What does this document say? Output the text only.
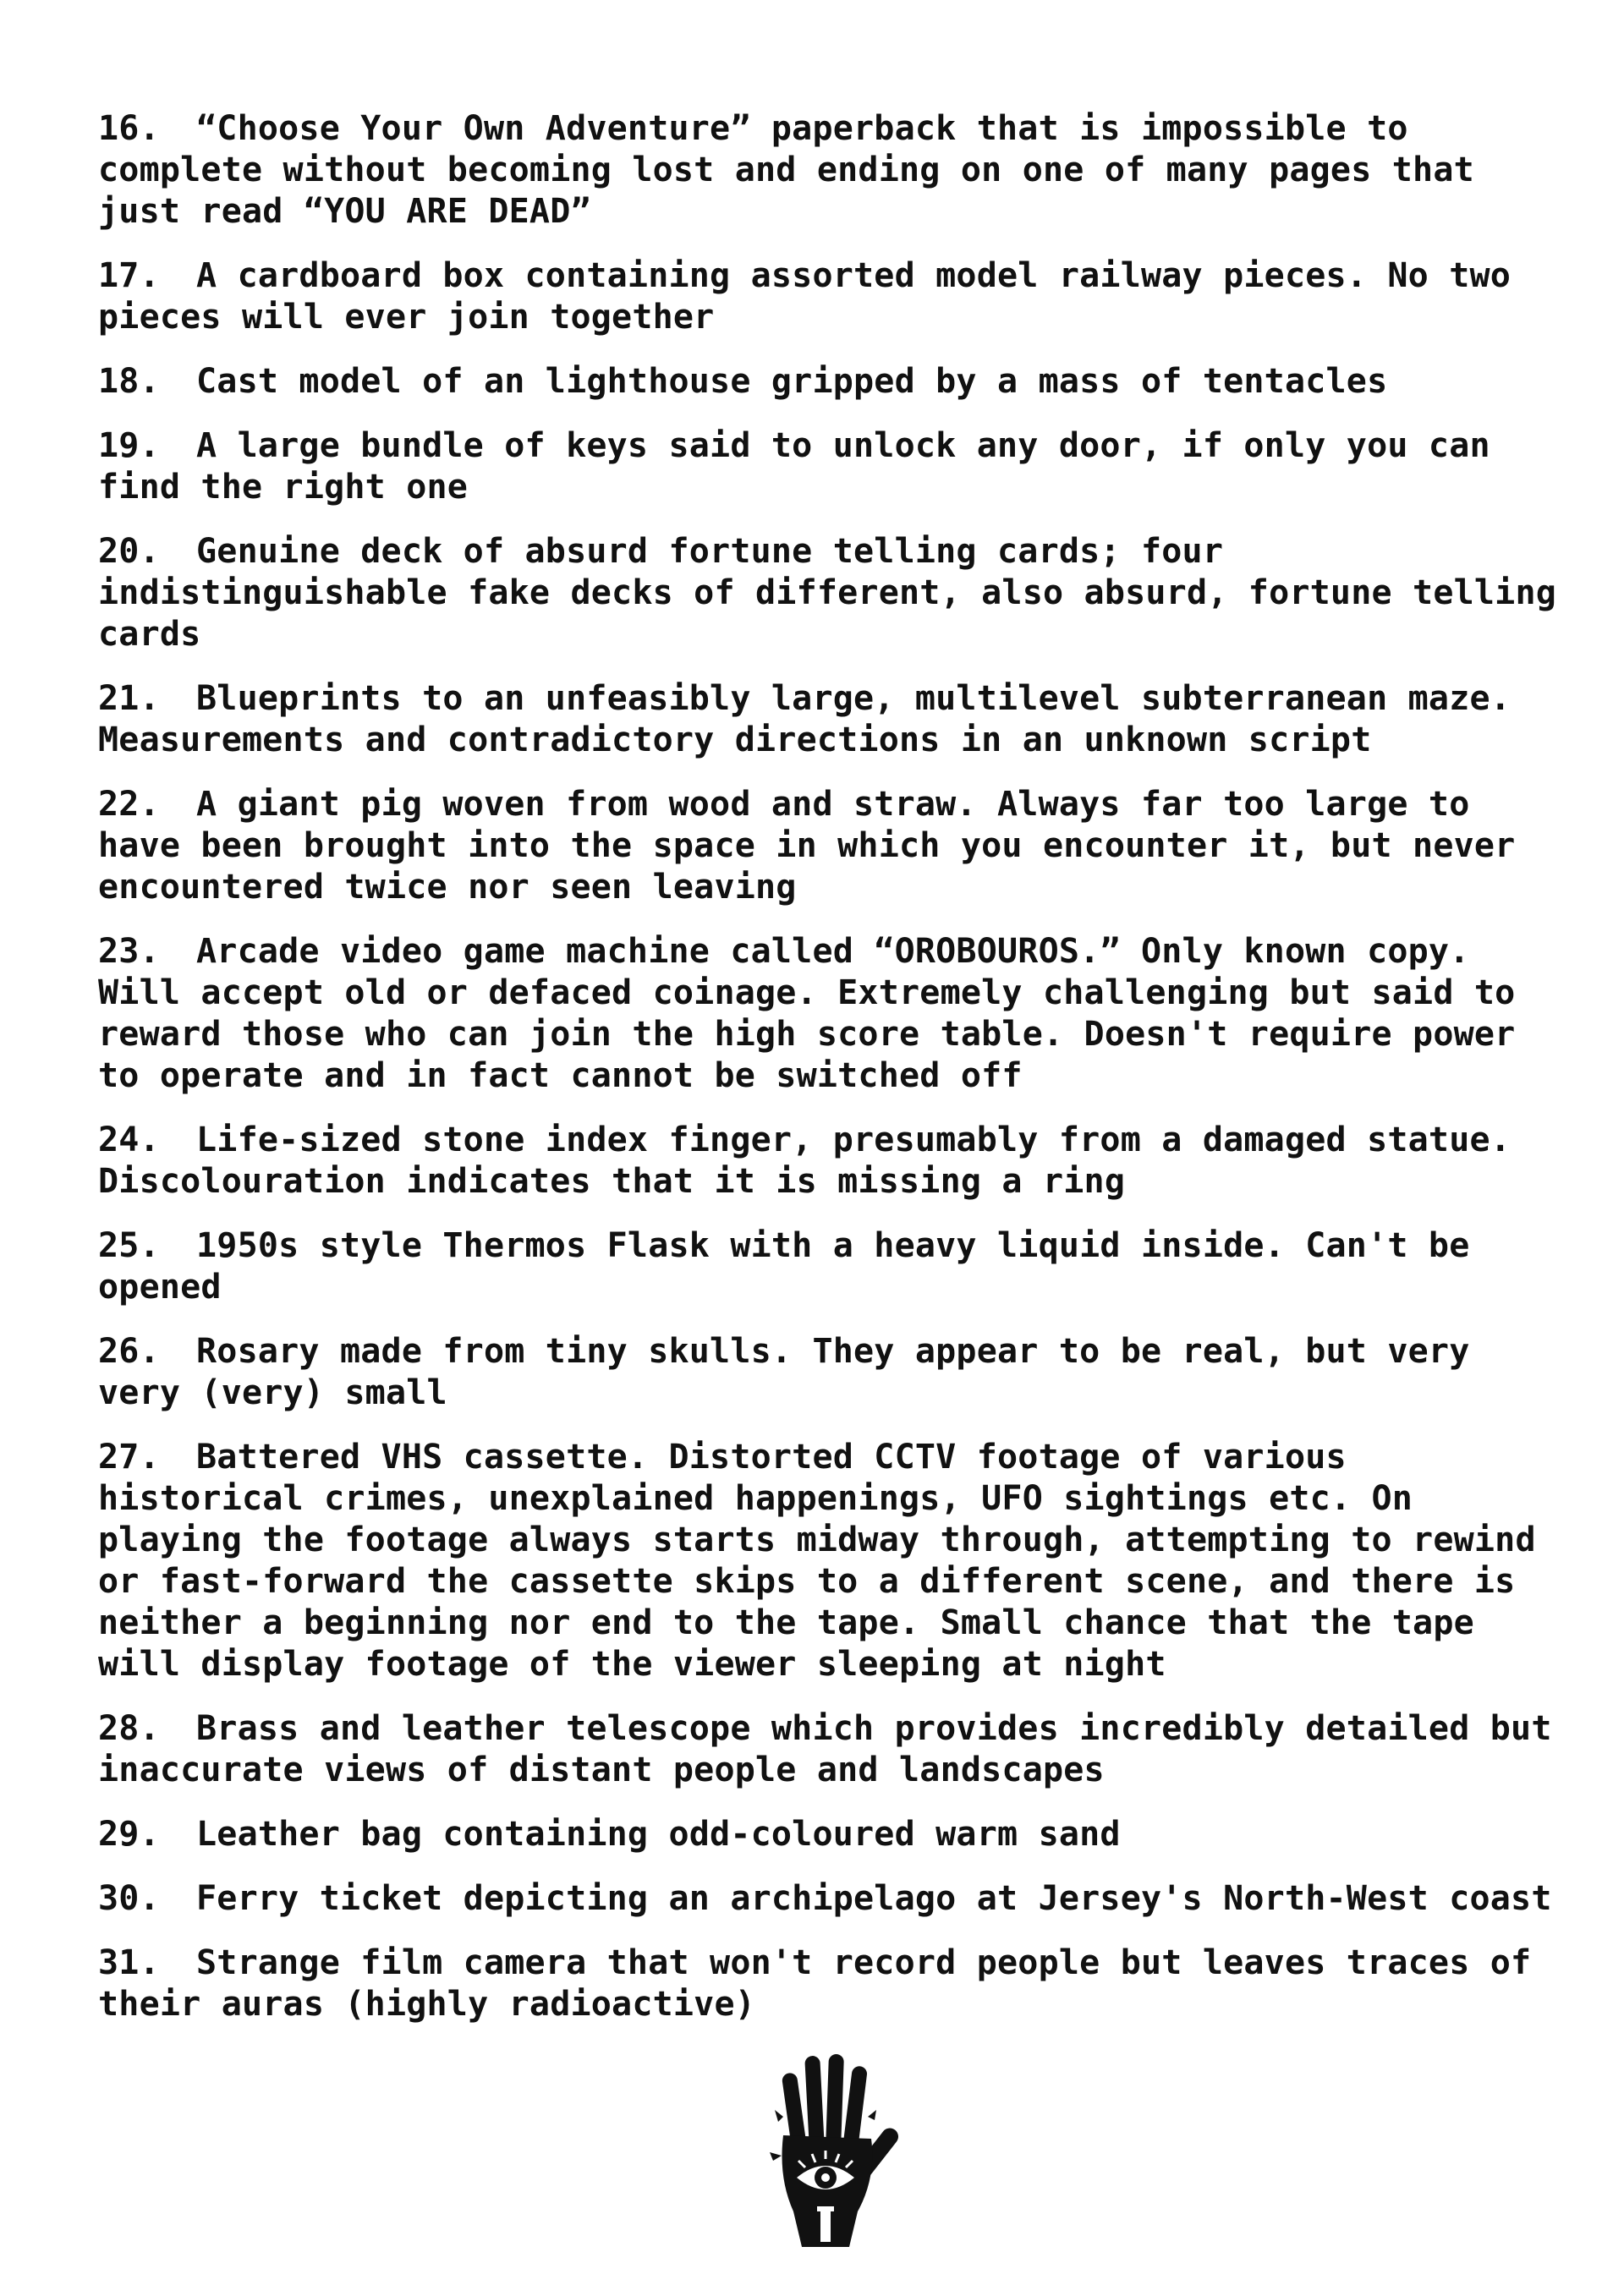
16. “Choose Your Own Adventure” paperback that is impossible to complete without becoming lost and ending on one of many pages that just read “YOU ARE DEAD”
17. A cardboard box containing assorted model railway pieces. No two pieces will ever join together
18. Cast model of an lighthouse gripped by a mass of tentacles
19. A large bundle of keys said to unlock any door, if only you can find the right one
20. Genuine deck of absurd fortune telling cards; four indistinguishable fake decks of different, also absurd, fortune telling cards
21. Blueprints to an unfeasibly large, multilevel subterranean maze. Measurements and contradictory directions in an unknown script
22. A giant pig woven from wood and straw. Always far too large to have been brought into the space in which you encounter it, but never encountered twice nor seen leaving
23. Arcade video game machine called “OROBOUROS.” Only known copy. Will accept old or defaced coinage. Extremely challenging but said to reward those who can join the high score table. Doesn't require power to operate and in fact cannot be switched off
24. Life-sized stone index finger, presumably from a damaged statue. Discolouration indicates that it is missing a ring
25. 1950s style Thermos Flask with a heavy liquid inside. Can't be opened
26. Rosary made from tiny skulls. They appear to be real, but very very (very) small
27. Battered VHS cassette. Distorted CCTV footage of various historical crimes, unexplained happenings, UFO sightings etc. On playing the footage always starts midway through, attempting to rewind or fast-forward the cassette skips to a different scene, and there is neither a beginning nor end to the tape. Small chance that the tape will display footage of the viewer sleeping at night
28. Brass and leather telescope which provides incredibly detailed but inaccurate views of distant people and landscapes
29. Leather bag containing odd-coloured warm sand
30. Ferry ticket depicting an archipelago at Jersey's North-West coast
31. Strange film camera that won't record people but leaves traces of their auras (highly radioactive)
